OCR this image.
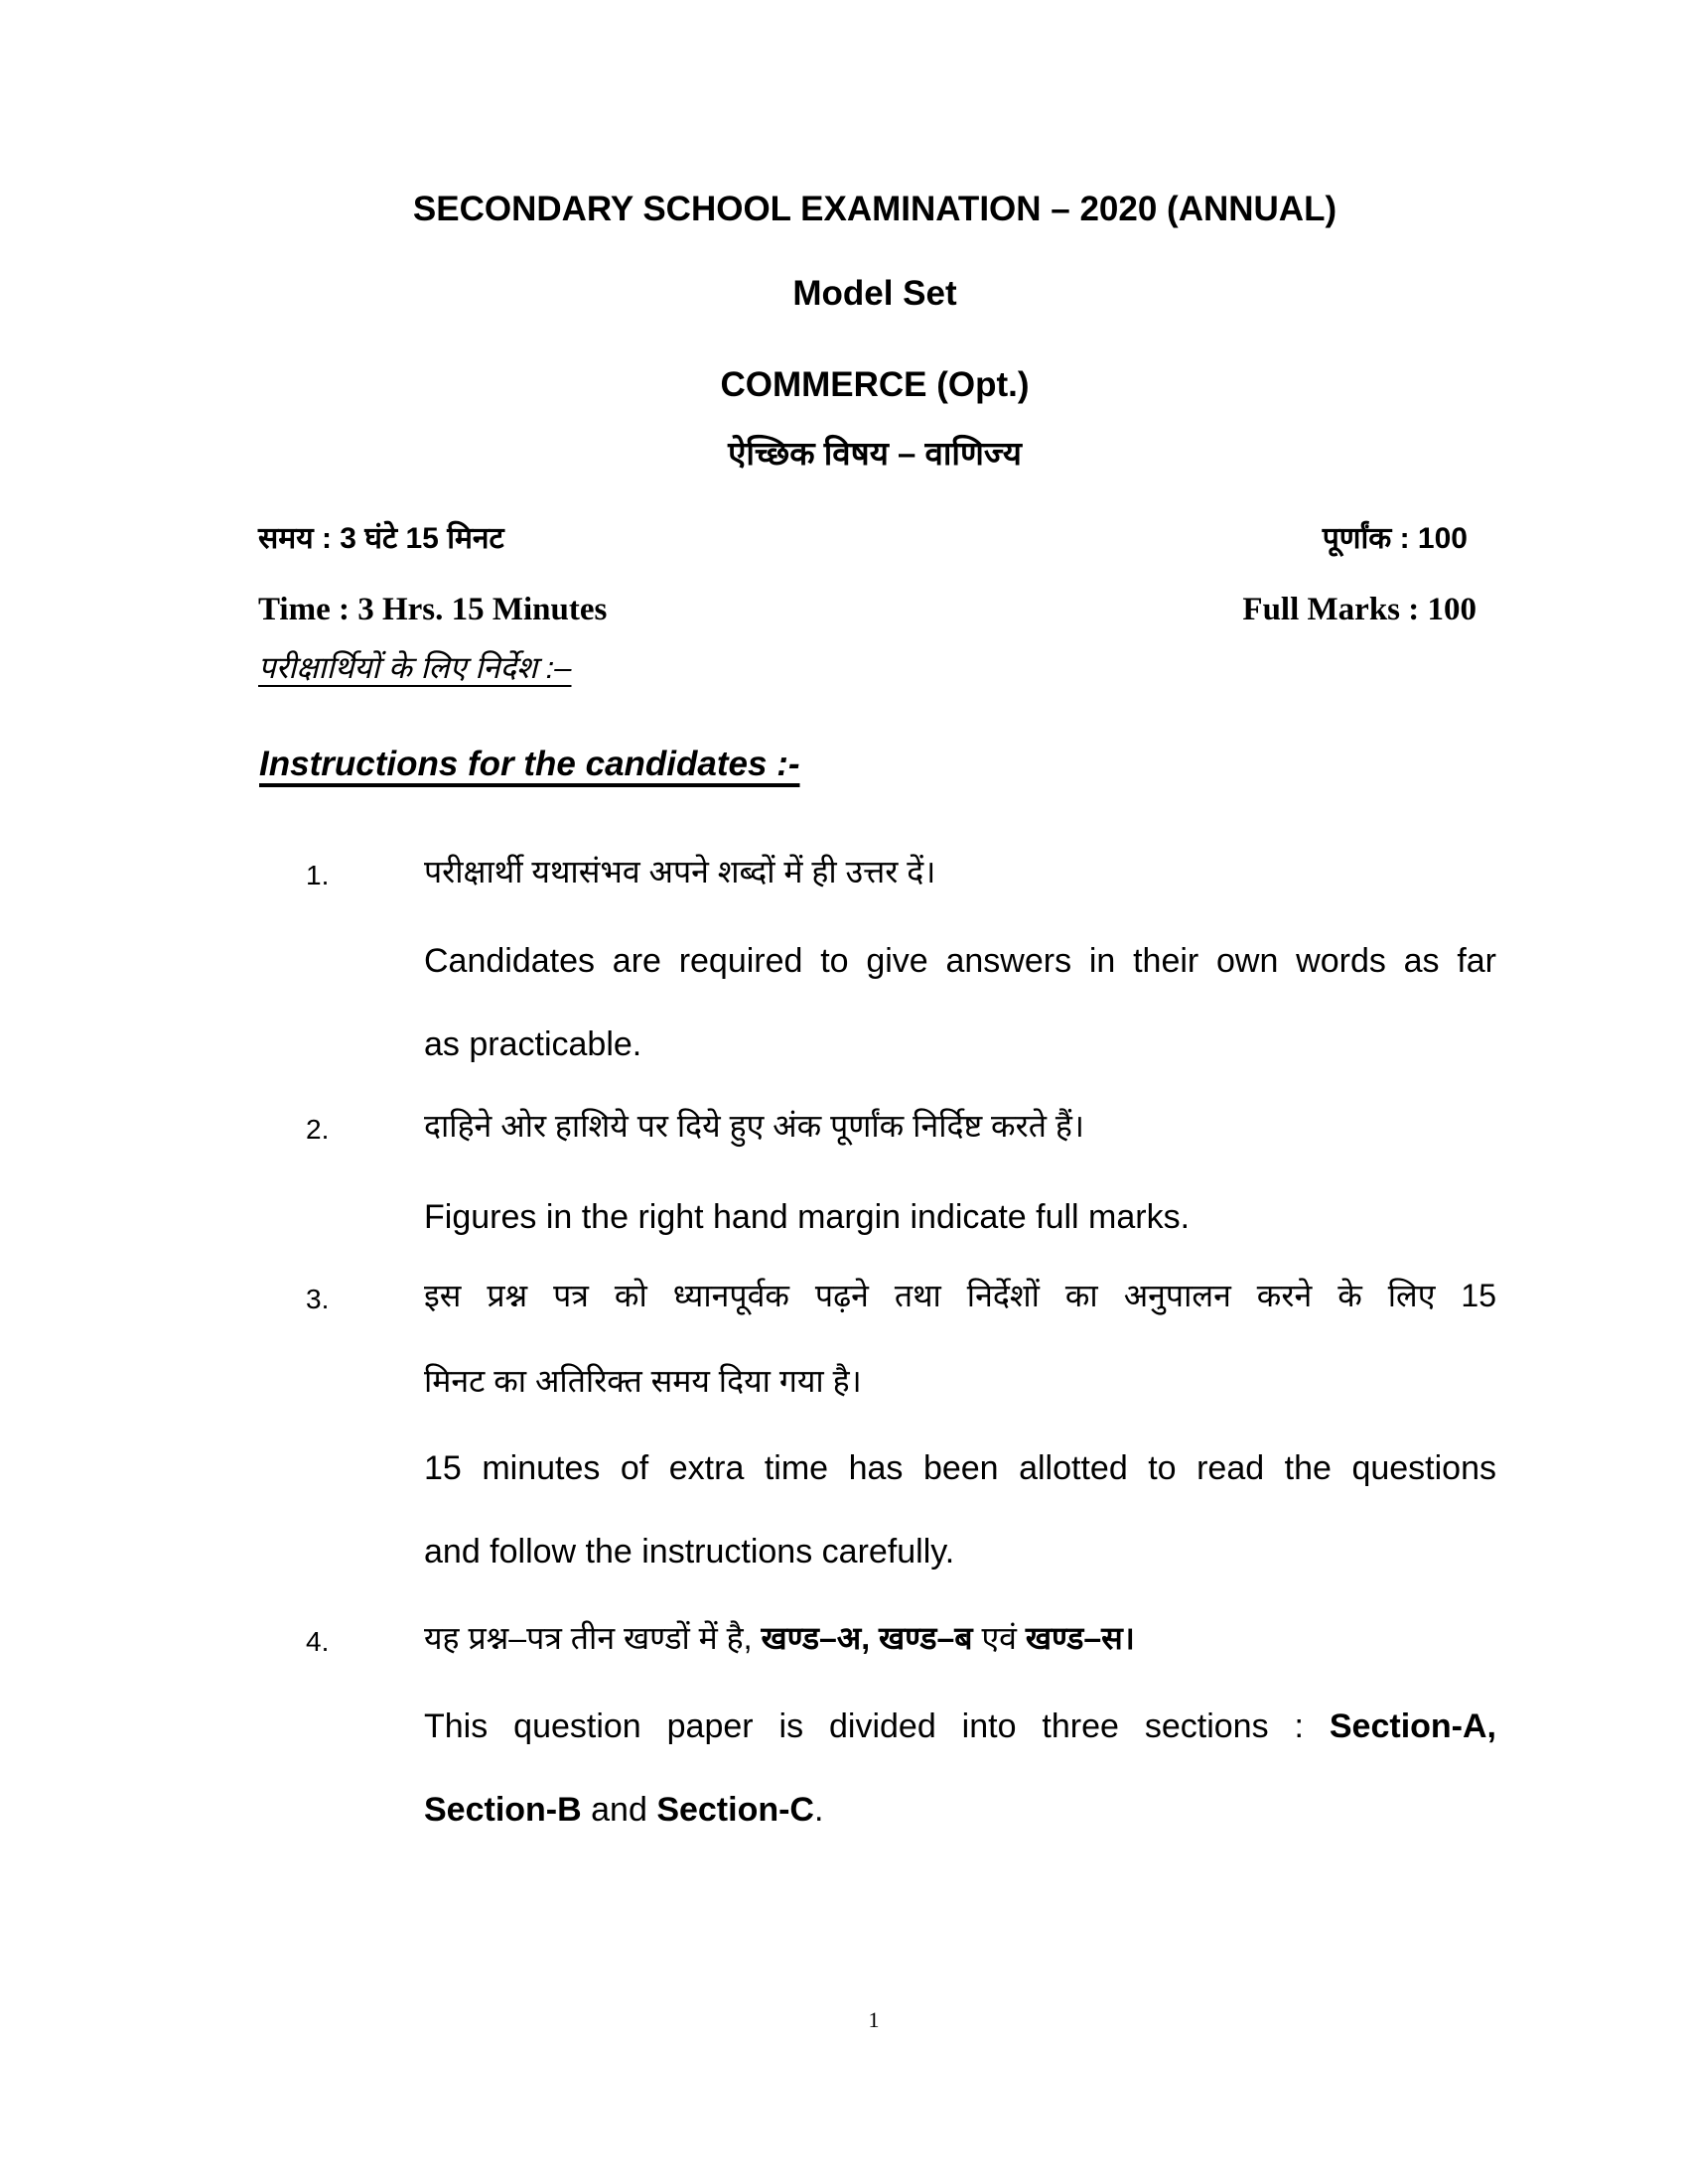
SECONDARY SCHOOL EXAMINATION – 2020 (ANNUAL)
Model Set
COMMERCE (Opt.)
ऐच्छिक विषय – वाणिज्य
समय : 3 घंटे 15 मिनट	पूर्णांक : 100
Time : 3 Hrs. 15 Minutes	Full Marks : 100
परीक्षार्थियों के लिए निर्देश :–
Instructions for the candidates :-
1.	परीक्षार्थी यथासंभव अपने शब्दों में ही उत्तर दें।
Candidates are required to give answers in their own words as far
as practicable.
2.	दाहिने ओर हाशिये पर दिये हुए अंक पूर्णांक निर्दिष्ट करते हैं।
Figures in the right hand margin indicate full marks.
3.	इस प्रश्न पत्र को ध्यानपूर्वक पढ़ने तथा निर्देशों का अनुपालन करने के लिए 15
मिनट का अतिरिक्त समय दिया गया है।
15 minutes of extra time has been allotted to read the questions
and follow the instructions carefully.
4.	यह प्रश्न–पत्र तीन खण्डों में है, खण्ड–अ, खण्ड–ब एवं खण्ड–स।
This question paper is divided into three sections : Section-A,
Section-B and Section-C.
1
